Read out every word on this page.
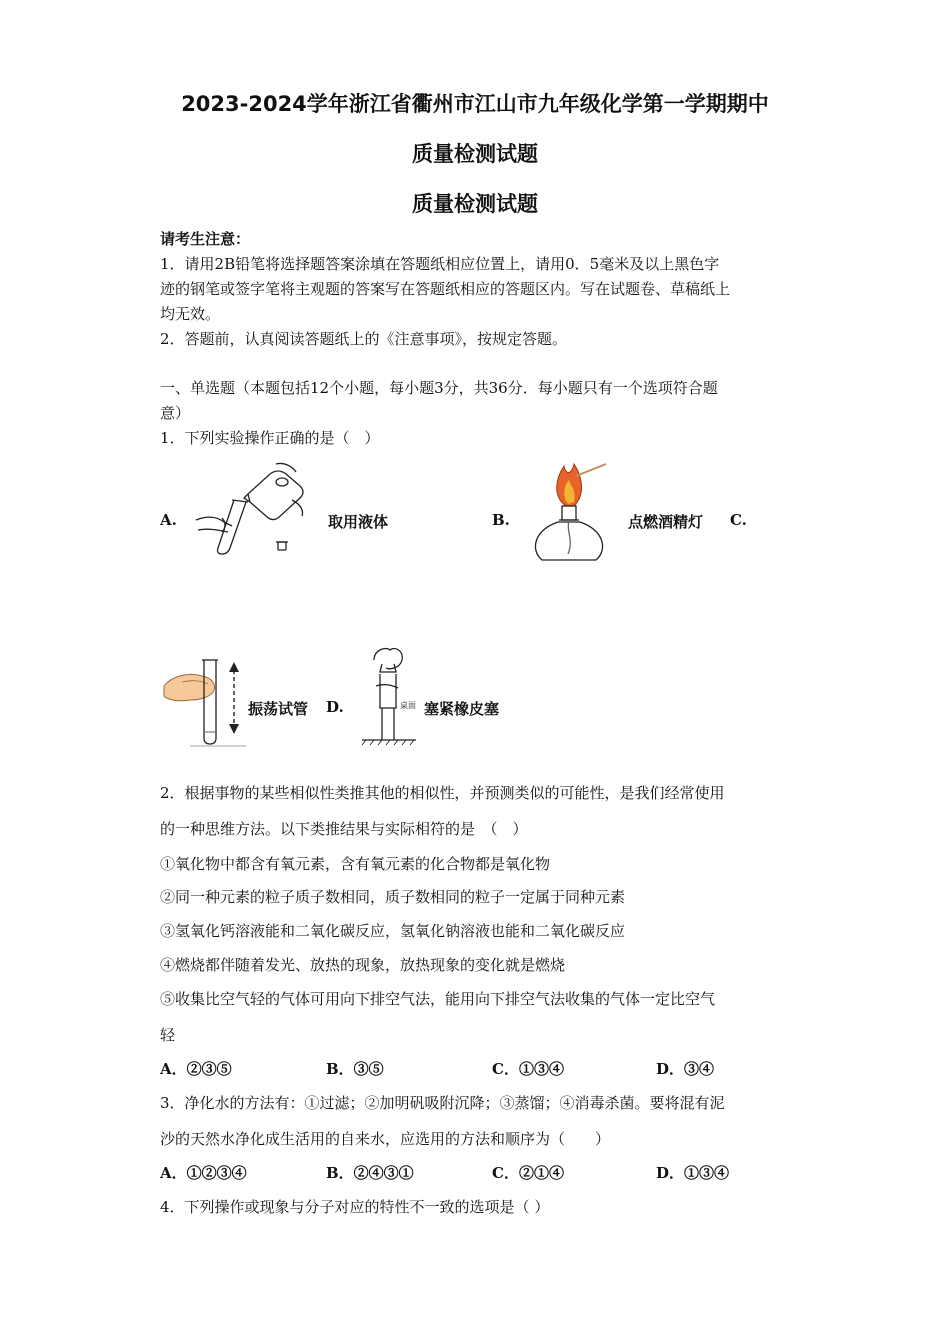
2023-2024学年浙江省衢州市江山市九年级化学第一学期期中
质量检测试题
质量检测试题
请考生注意：
1．请用2B铅笔将选择题答案涂填在答题纸相应位置上，请用0．5毫米及以上黑色字
迹的钢笔或签字笔将主观题的答案写在答题纸相应的答题区内。写在试题卷、草稿纸上
均无效。
2．答题前，认真阅读答题纸上的《注意事项》，按规定答题。
一、单选题（本题包括12个小题，每小题3分，共36分．每小题只有一个选项符合题
意）
1．下列实验操作正确的是（　）
A.	取用液体	B.	点燃酒精灯 C.
振荡试管 D.	桌面 塞紧橡皮塞
2．根据事物的某些相似性类推其他的相似性，并预测类似的可能性，是我们经常使用
的一种思维方法。以下类推结果与实际相符的是　（　）
①氧化物中都含有氧元素，含有氧元素的化合物都是氧化物
②同一种元素的粒子质子数相同，质子数相同的粒子一定属于同种元素
③氢氧化钙溶液能和二氧化碳反应，氢氧化钠溶液也能和二氧化碳反应
④燃烧都伴随着发光、放热的现象，放热现象的变化就是燃烧
⑤收集比空气轻的气体可用向下排空气法，能用向下排空气法收集的气体一定比空气
轻
A．②③⑤	B．③⑤	C．①③④	D．③④
3．净化水的方法有：①过滤；②加明矾吸附沉降；③蒸馏；④消毒杀菌。要将混有泥
沙的天然水净化成生活用的自来水，应选用的方法和顺序为（　　）
A．①②③④	B．②④③①	C．②①④	D．①③④
4．下列操作或现象与分子对应的特性不一致的选项是（ ）
